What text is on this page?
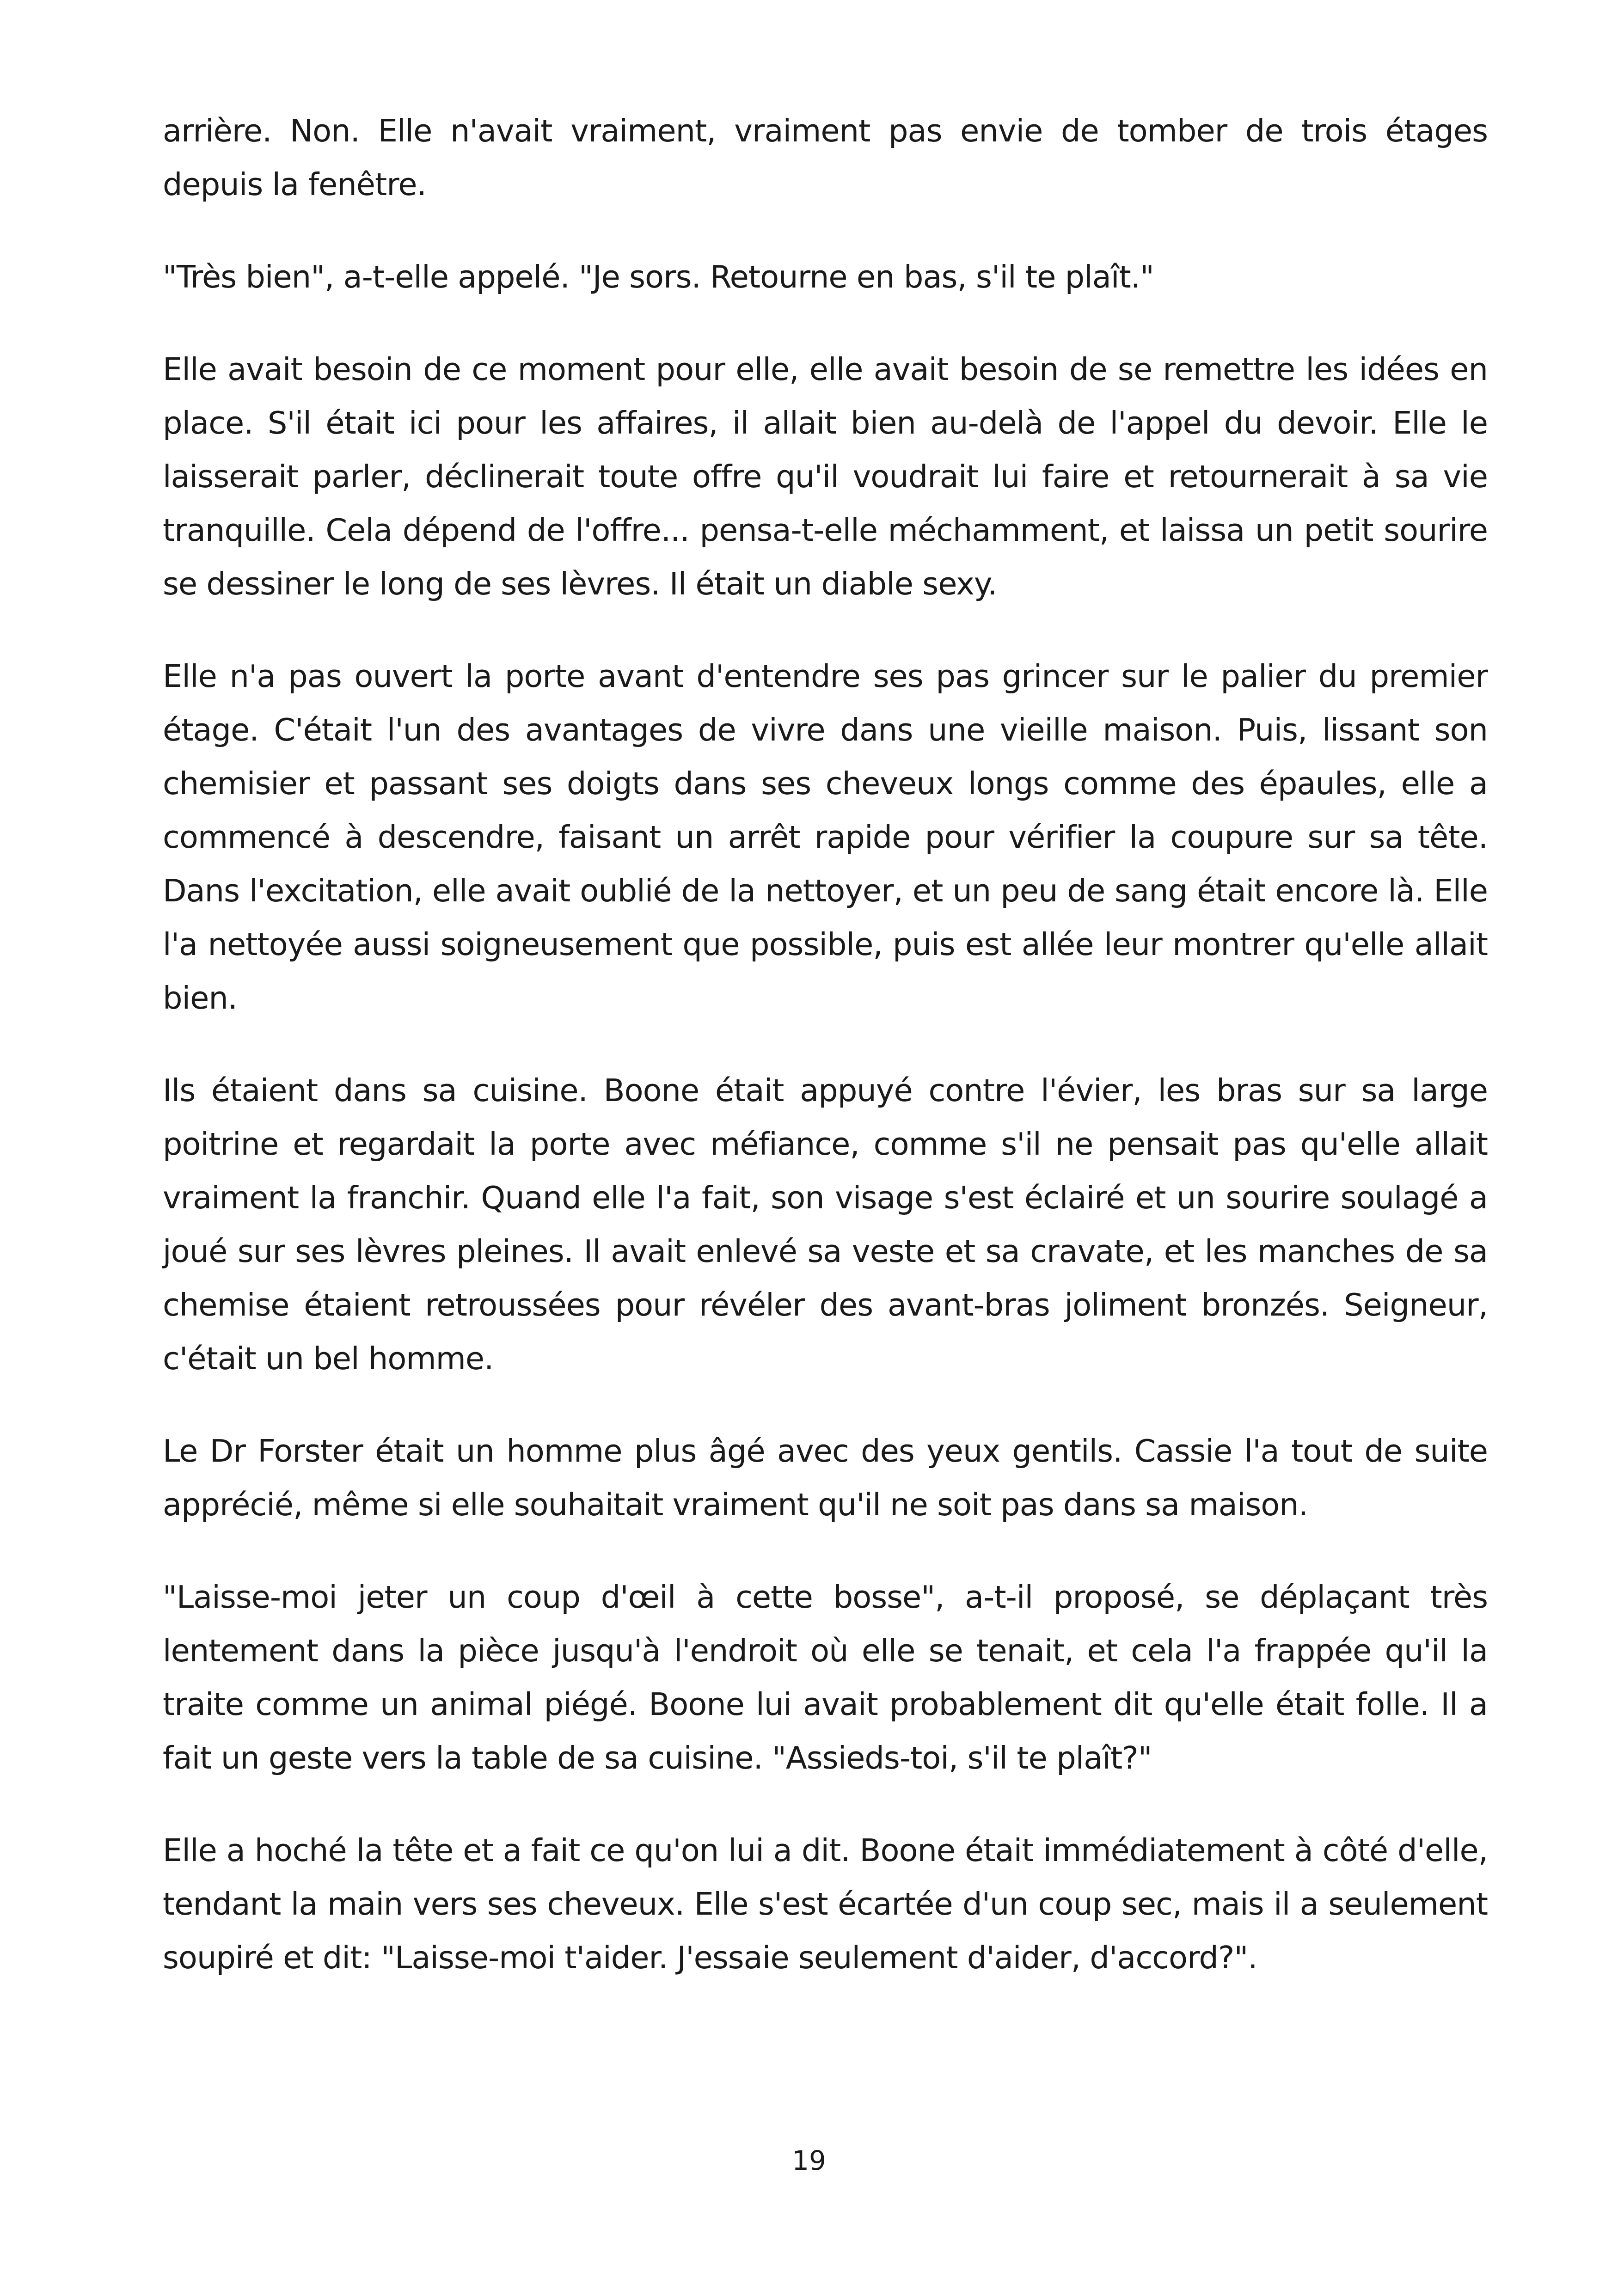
arrière. Non. Elle n'avait vraiment, vraiment pas envie de tomber de trois étages depuis la fenêtre.

"Très bien", a-t-elle appelé. "Je sors. Retourne en bas, s'il te plaît."

Elle avait besoin de ce moment pour elle, elle avait besoin de se remettre les idées en place. S'il était ici pour les affaires, il allait bien au-delà de l'appel du devoir. Elle le laisserait parler, déclinerait toute offre qu'il voudrait lui faire et retournerait à sa vie tranquille. Cela dépend de l'offre... pensa-t-elle méchamment, et laissa un petit sourire se dessiner le long de ses lèvres. Il était un diable sexy.

Elle n'a pas ouvert la porte avant d'entendre ses pas grincer sur le palier du premier étage. C'était l'un des avantages de vivre dans une vieille maison. Puis, lissant son chemisier et passant ses doigts dans ses cheveux longs comme des épaules, elle a commencé à descendre, faisant un arrêt rapide pour vérifier la coupure sur sa tête. Dans l'excitation, elle avait oublié de la nettoyer, et un peu de sang était encore là. Elle l'a nettoyée aussi soigneusement que possible, puis est allée leur montrer qu'elle allait bien.

Ils étaient dans sa cuisine. Boone était appuyé contre l'évier, les bras sur sa large poitrine et regardait la porte avec méfiance, comme s'il ne pensait pas qu'elle allait vraiment la franchir. Quand elle l'a fait, son visage s'est éclairé et un sourire soulagé a joué sur ses lèvres pleines. Il avait enlevé sa veste et sa cravate, et les manches de sa chemise étaient retroussées pour révéler des avant-bras joliment bronzés. Seigneur, c'était un bel homme.

Le Dr Forster était un homme plus âgé avec des yeux gentils. Cassie l'a tout de suite apprécié, même si elle souhaitait vraiment qu'il ne soit pas dans sa maison.

"Laisse-moi jeter un coup d'œil à cette bosse", a-t-il proposé, se déplaçant très lentement dans la pièce jusqu'à l'endroit où elle se tenait, et cela l'a frappée qu'il la traite comme un animal piégé. Boone lui avait probablement dit qu'elle était folle. Il a fait un geste vers la table de sa cuisine. "Assieds-toi, s'il te plaît?"

Elle a hoché la tête et a fait ce qu'on lui a dit. Boone était immédiatement à côté d'elle, tendant la main vers ses cheveux. Elle s'est écartée d'un coup sec, mais il a seulement soupiré et dit: "Laisse-moi t'aider. J'essaie seulement d'aider, d'accord?".

19
